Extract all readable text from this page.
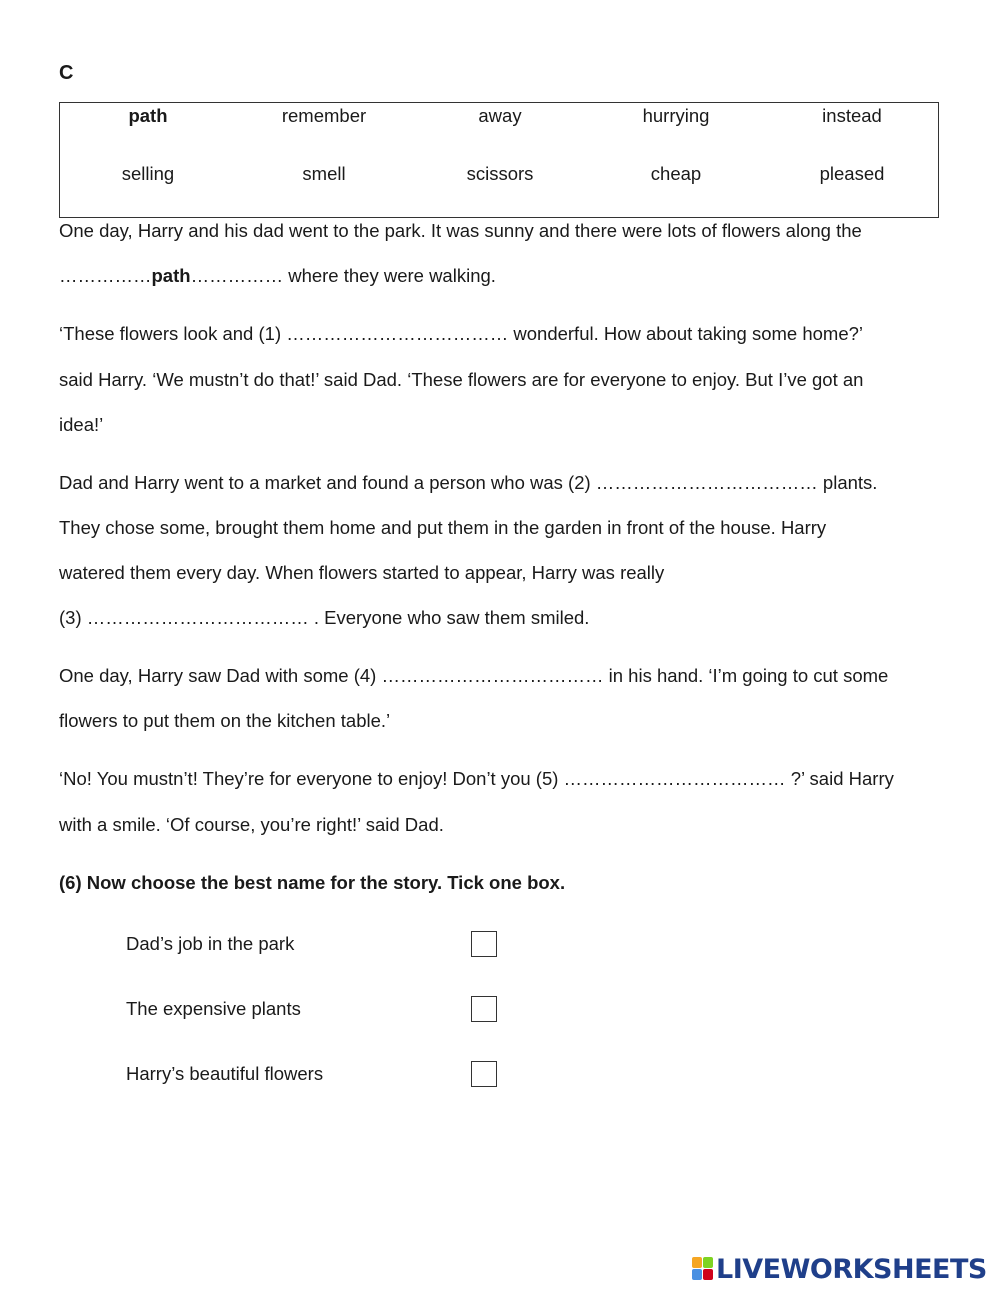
C
path	remember	away	hurrying	instead
selling	smell	scissors	cheap	pleased
One day, Harry and his dad went to the park. It was sunny and there were lots of flowers along the
……………path…………… where they were walking.
‘These flowers look and (1) ……………………………… wonderful. How about taking some home?’
said Harry. ‘We mustn’t do that!’ said Dad. ‘These flowers are for everyone to enjoy. But I’ve got an
idea!’
Dad and Harry went to a market and found a person who was (2) ……………………………… plants.
They chose some, brought them home and put them in the garden in front of the house. Harry
watered them every day. When flowers started to appear, Harry was really
(3) ……………………………… . Everyone who saw them smiled.
One day, Harry saw Dad with some (4) ……………………………… in his hand. ‘I’m going to cut some
flowers to put them on the kitchen table.’
‘No! You mustn’t! They’re for everyone to enjoy! Don’t you (5) ……………………………… ?’ said Harry
with a smile. ‘Of course, you’re right!’ said Dad.
(6) Now choose the best name for the story. Tick one box.
Dad’s job in the park
The expensive plants
Harry’s beautiful flowers
LIVEWORKSHEETS
